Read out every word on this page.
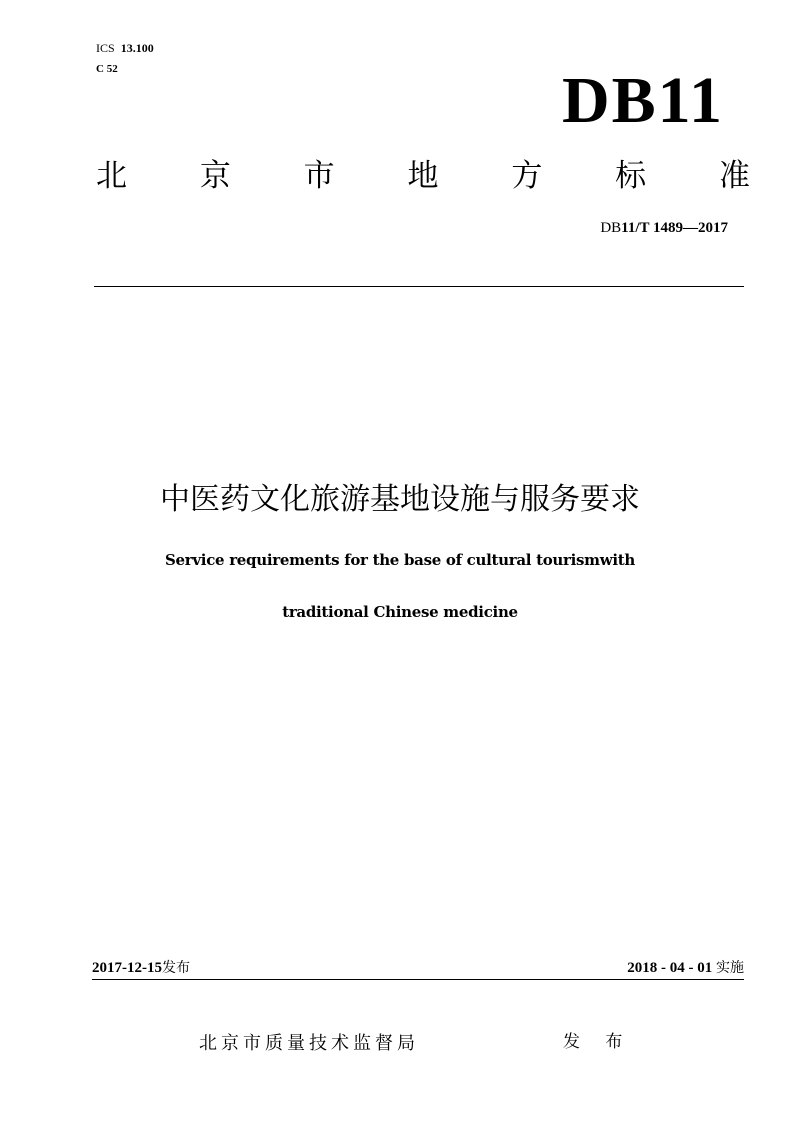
ICS 13.100
C 52	DB11
北 京 市 地 方 标 准
DB11/T 1489—2017
中医药文化旅游基地设施与服务要求
Service requirements for the base of cultural tourismwith
traditional Chinese medicine
2017-12-15发布	2018 - 04 - 01 实施
北京市质量技术监督局	发 布
